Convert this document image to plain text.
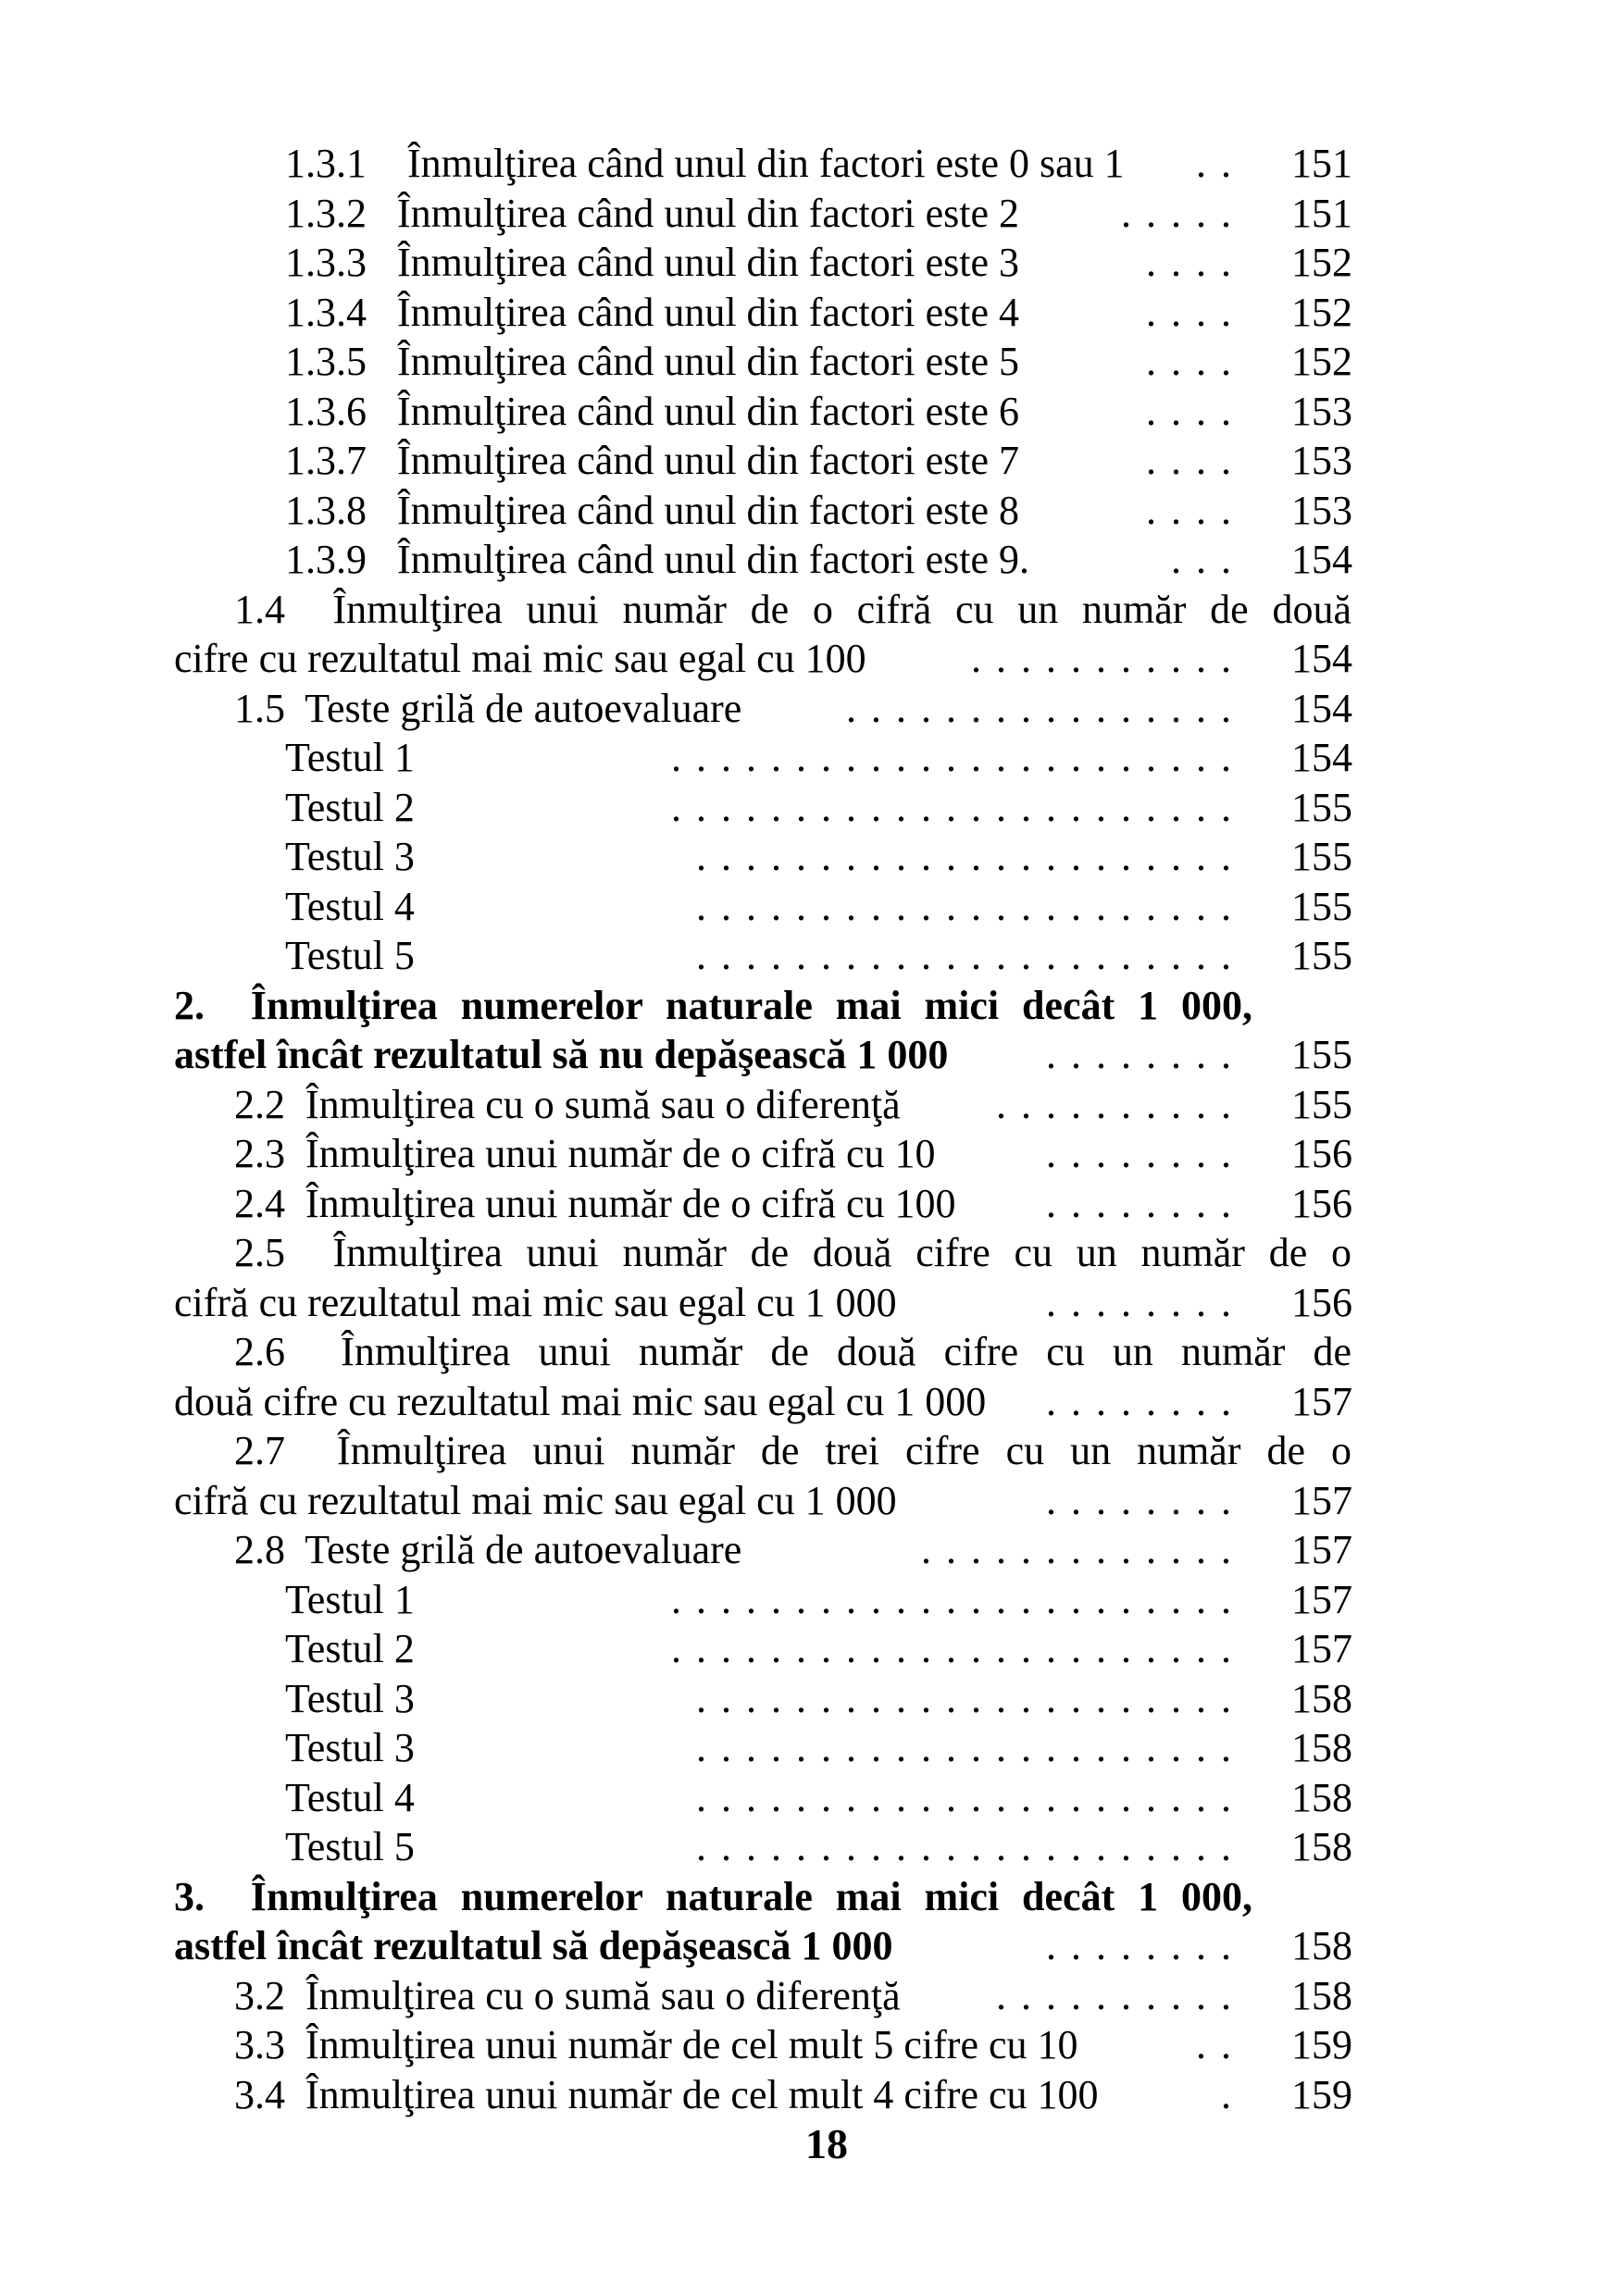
1.3.1    Înmulţirea când unul din factori este 0 sau 1	. .	151
1.3.2   Înmulţirea când unul din factori este 2	. . . . .	151
1.3.3   Înmulţirea când unul din factori este 3	. . . .	152
1.3.4   Înmulţirea când unul din factori este 4	. . . .	152
1.3.5   Înmulţirea când unul din factori este 5	. . . .	152
1.3.6   Înmulţirea când unul din factori este 6	. . . .	153
1.3.7   Înmulţirea când unul din factori este 7	. . . .	153
1.3.8   Înmulţirea când unul din factori este 8	. . . .	153
1.3.9   Înmulţirea când unul din factori este 9.	. . .	154
1.4  Înmulţirea unui număr de o cifră cu un număr de două
cifre cu rezultatul mai mic sau egal cu 100	. . . . . . . . . . .	154
1.5  Teste grilă de autoevaluare	. . . . . . . . . . . . . . . .	154
Testul 1	. . . . . . . . . . . . . . . . . . . . . . .	154
Testul 2	. . . . . . . . . . . . . . . . . . . . . . .	155
Testul 3	. . . . . . . . . . . . . . . . . . . . . .	155
Testul 4	. . . . . . . . . . . . . . . . . . . . . .	155
Testul 5	. . . . . . . . . . . . . . . . . . . . . .	155
2.  Înmulţirea numerelor naturale mai mici decât 1 000,
astfel încât rezultatul să nu depăşească 1 000	. . . . . . . .	155
2.2  Înmulţirea cu o sumă sau o diferenţă	. . . . . . . . . .	155
2.3  Înmulţirea unui număr de o cifră cu 10	. . . . . . . .	156
2.4  Înmulţirea unui număr de o cifră cu 100	. . . . . . . .	156
2.5  Înmulţirea unui număr de două cifre cu un număr de o
cifră cu rezultatul mai mic sau egal cu 1 000	. . . . . . . .	156
2.6  Înmulţirea unui număr de două cifre cu un număr de
două cifre cu rezultatul mai mic sau egal cu 1 000	. . . . . . . .	157
2.7  Înmulţirea unui număr de trei cifre cu un număr de o
cifră cu rezultatul mai mic sau egal cu 1 000	. . . . . . . .	157
2.8  Teste grilă de autoevaluare	. . . . . . . . . . . . .	157
Testul 1	. . . . . . . . . . . . . . . . . . . . . . .	157
Testul 2	. . . . . . . . . . . . . . . . . . . . . . .	157
Testul 3	. . . . . . . . . . . . . . . . . . . . . .	158
Testul 3	. . . . . . . . . . . . . . . . . . . . . .	158
Testul 4	. . . . . . . . . . . . . . . . . . . . . .	158
Testul 5	. . . . . . . . . . . . . . . . . . . . . .	158
3.  Înmulţirea numerelor naturale mai mici decât 1 000,
astfel încât rezultatul să depăşească 1 000	. . . . . . . .	158
3.2  Înmulţirea cu o sumă sau o diferenţă	. . . . . . . . . .	158
3.3  Înmulţirea unui număr de cel mult 5 cifre cu 10	. .	159
3.4  Înmulţirea unui număr de cel mult 4 cifre cu 100	.	159
18
